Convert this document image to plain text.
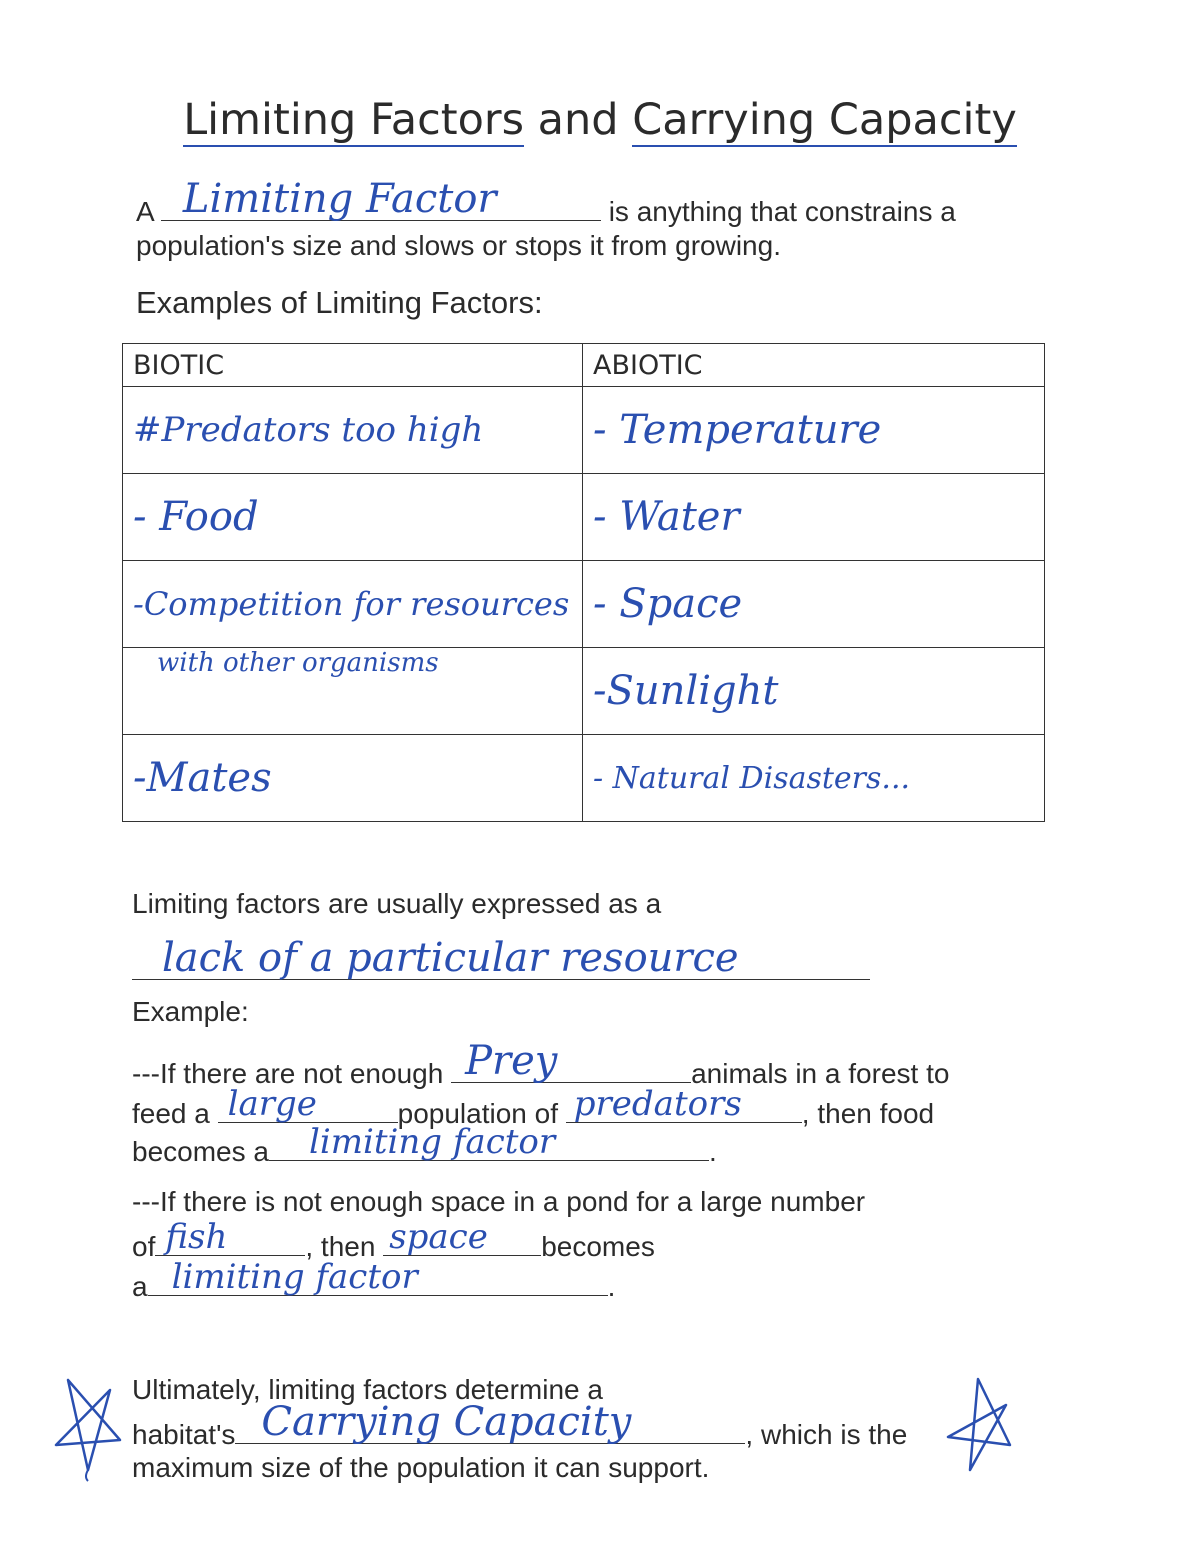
Limiting Factors and Carrying Capacity
A Limiting Factor	is anything that constrains a
population's size and slows or stops it from growing.
Examples of Limiting Factors:
BIOTIC	ABIOTIC
#Predators too high	- Temperature
- Food	- Water
-Competition for resources	- Space

with other organisms	-Sunlight
-Mates	- Natural Disasters...
Limiting factors are usually expressed as a
lack of a particular resource
Example:
---If there are not enough Prey	animals in a forest to
feed a large	population of predators , then food
becomes a limiting factor	.
---If there is not enough space in a pond for a large number
of fish	, then space becomes
a limiting factor	.
Ultimately, limiting factors determine a
habitat's Carrying Capacity	, which is the
maximum size of the population it can support.
